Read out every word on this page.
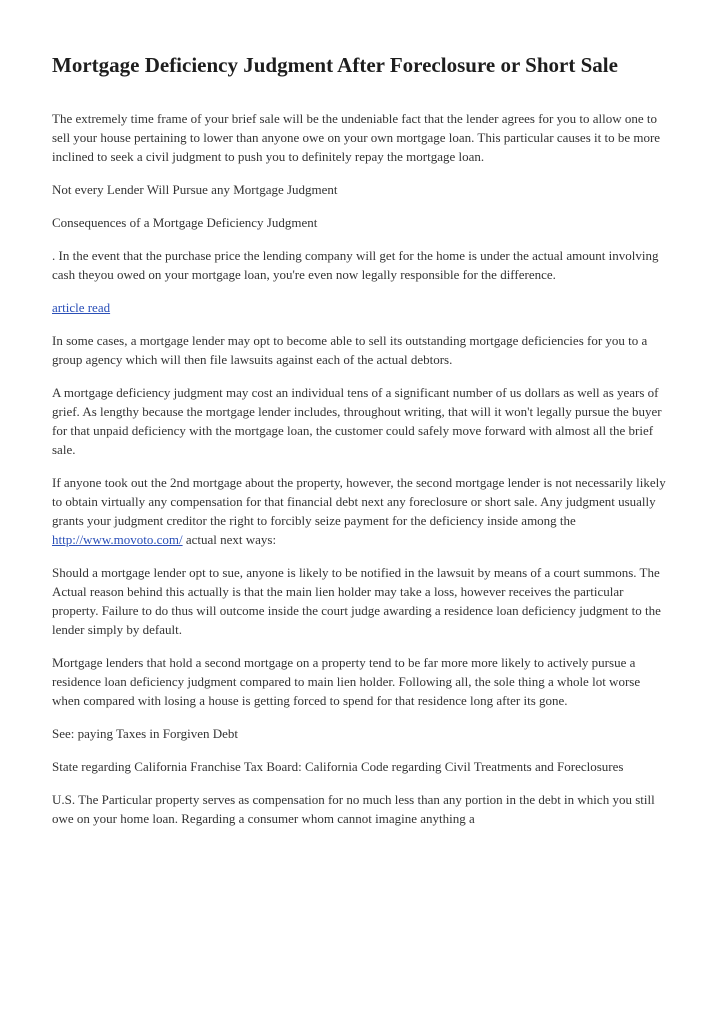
Mortgage Deficiency Judgment After Foreclosure or Short Sale

The extremely time frame of your brief sale will be the undeniable fact that the lender agrees for you to allow one to sell your house pertaining to lower than anyone owe on your own mortgage loan. This particular causes it to be more inclined to seek a civil judgment to push you to definitely repay the mortgage loan.

Not every Lender Will Pursue any Mortgage Judgment

Consequences of a Mortgage Deficiency Judgment

. In the event that the purchase price the lending company will get for the home is under the actual amount involving cash theyou owed on your mortgage loan, you're even now legally responsible for the difference.

article read

In some cases, a mortgage lender may opt to become able to sell its outstanding mortgage deficiencies for you to a group agency which will then file lawsuits against each of the actual debtors.

A mortgage deficiency judgment may cost an individual tens of a significant number of us dollars as well as years of grief. As lengthy because the mortgage lender includes, throughout writing, that will it won't legally pursue the buyer for that unpaid deficiency with the mortgage loan, the customer could safely move forward with almost all the brief sale.

If anyone took out the 2nd mortgage about the property, however, the second mortgage lender is not necessarily likely to obtain virtually any compensation for that financial debt next any foreclosure or short sale. Any judgment usually grants your judgment creditor the right to forcibly seize payment for the deficiency inside among the http://www.movoto.com/ actual next ways:

Should a mortgage lender opt to sue, anyone is likely to be notified in the lawsuit by means of a court summons. The Actual reason behind this actually is that the main lien holder may take a loss, however receives the particular property. Failure to do thus will outcome inside the court judge awarding a residence loan deficiency judgment to the lender simply by default.

Mortgage lenders that hold a second mortgage on a property tend to be far more more likely to actively pursue a residence loan deficiency judgment compared to main lien holder. Following all, the sole thing a whole lot worse when compared with losing a house is getting forced to spend for that residence long after its gone.

See: paying Taxes in Forgiven Debt

State regarding California Franchise Tax Board: California Code regarding Civil Treatments and Foreclosures

U.S. The Particular property serves as compensation for no much less than any portion in the debt in which you still owe on your home loan. Regarding a consumer whom cannot imagine anything a
